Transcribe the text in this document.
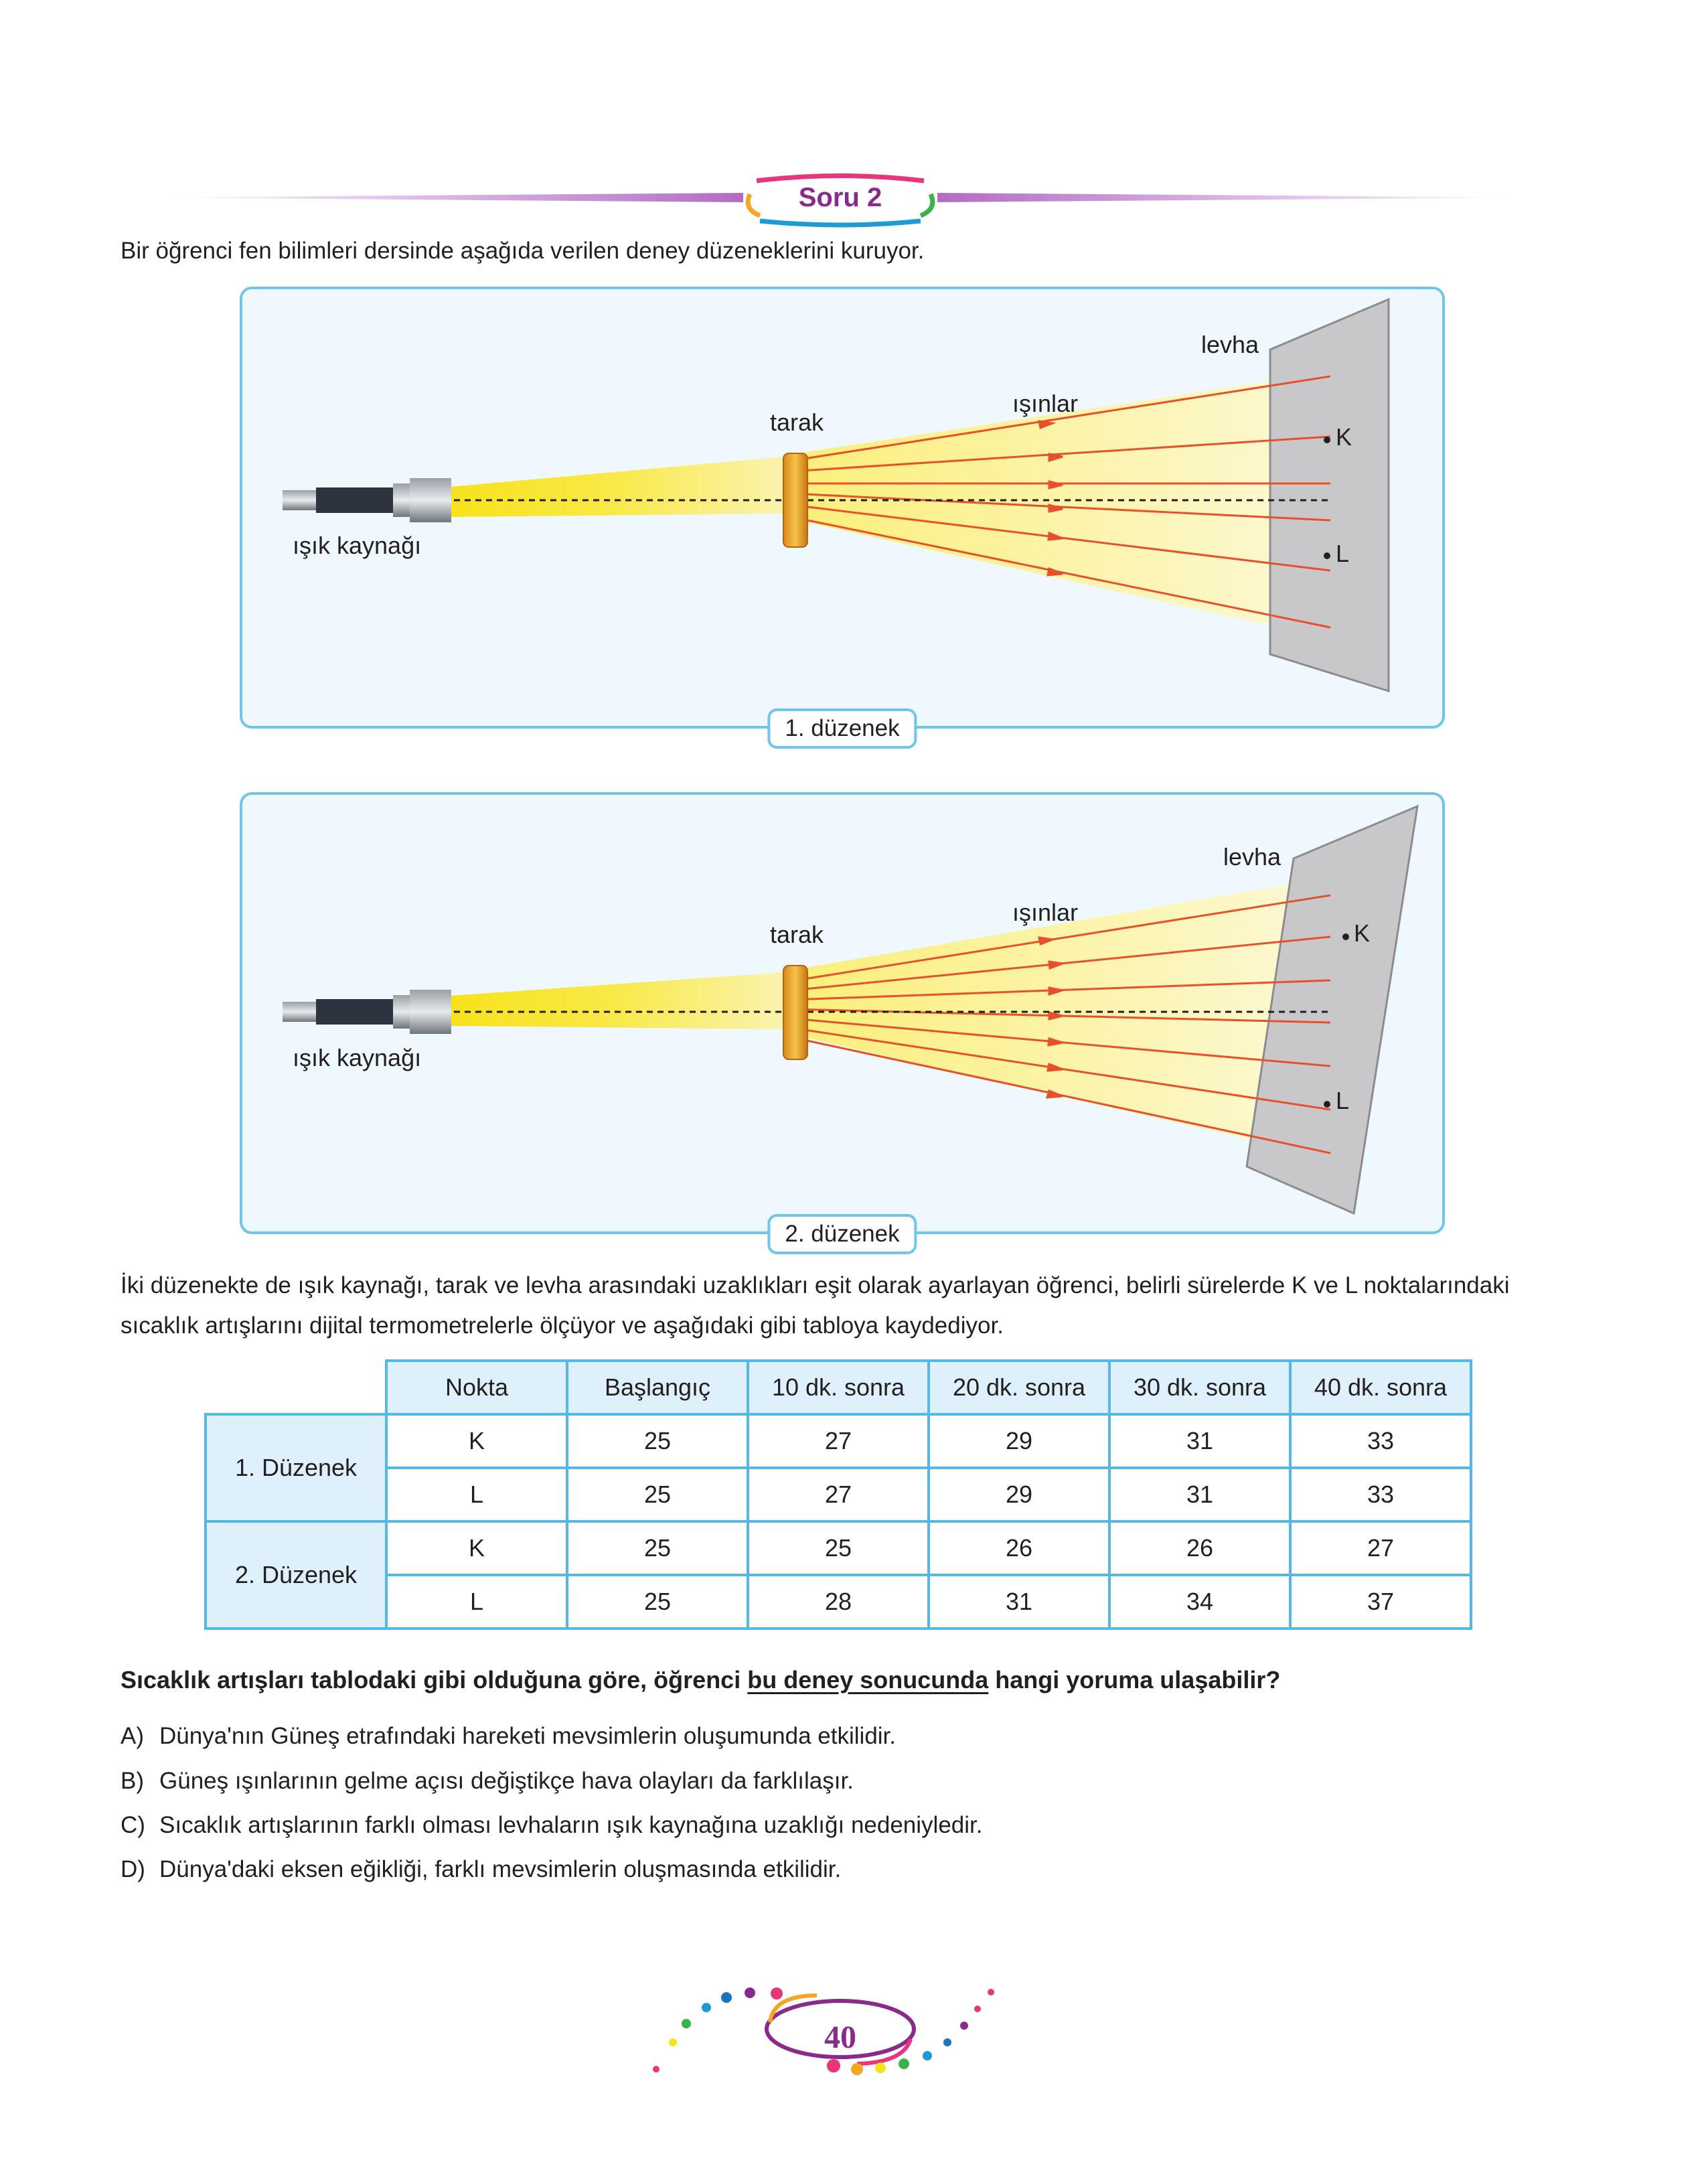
Soru 2
Bir öğrenci fen bilimleri dersinde aşağıda verilen deney düzeneklerini kuruyor.
levha
ışınlar
tarak
ışık kaynağı
K
L
1. düzenek
levha
ışınlar
tarak
ışık kaynağı
K
L
2. düzenek
İki düzenekte de ışık kaynağı, tarak ve levha arasındaki uzaklıkları eşit olarak ayarlayan öğrenci, belirli sürelerde K ve L noktalarındaki sıcaklık artışlarını dijital termometrelerle ölçüyor ve aşağıdaki gibi tabloya kaydediyor.
	Nokta	Başlangıç	10 dk. sonra	20 dk. sonra	30 dk. sonra	40 dk. sonra
1. Düzenek	K	25	27	29	31	33
	L	25	27	29	31	33
2. Düzenek	K	25	25	26	26	27
	L	25	28	31	34	37
Sıcaklık artışları tablodaki gibi olduğuna göre, öğrenci bu deney sonucunda hangi yoruma ulaşabilir?
A) Dünya'nın Güneş etrafındaki hareketi mevsimlerin oluşumunda etkilidir.
B) Güneş ışınlarının gelme açısı değiştikçe hava olayları da farklılaşır.
C) Sıcaklık artışlarının farklı olması levhaların ışık kaynağına uzaklığı nedeniyledir.
D) Dünya'daki eksen eğikliği, farklı mevsimlerin oluşmasında etkilidir.
40
